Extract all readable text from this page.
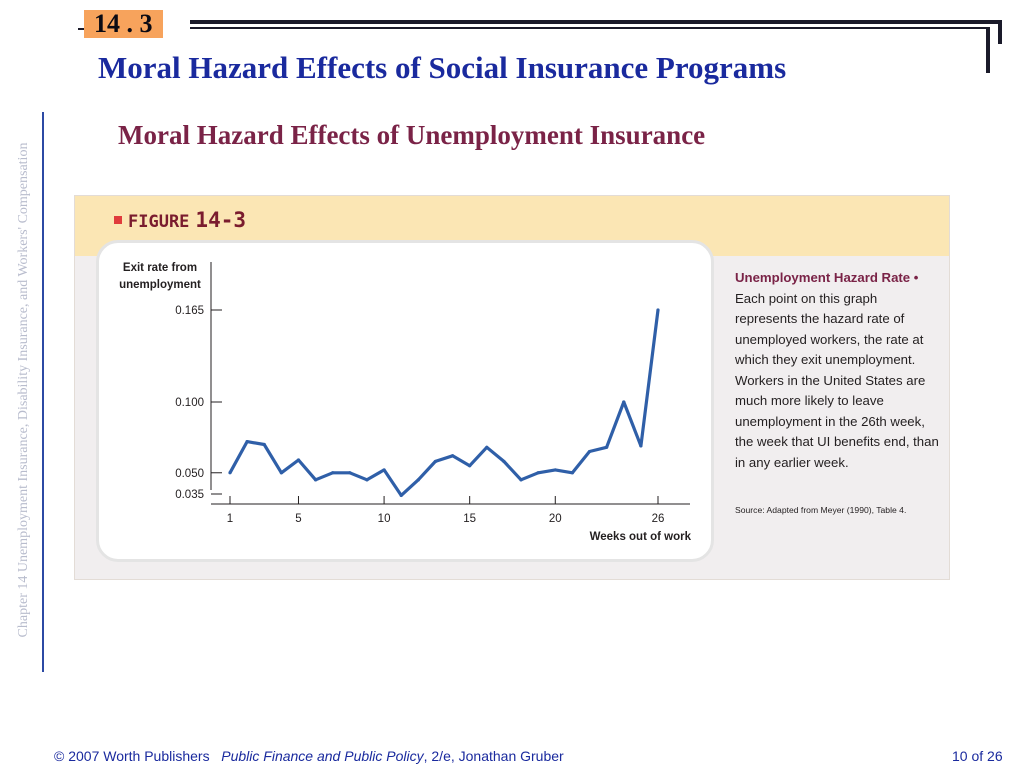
14 . 3
Moral Hazard Effects of Social Insurance Programs
Moral Hazard Effects of Unemployment Insurance
Chapter 14 Unemployment Insurance, Disability Insurance, and Workers' Compensation	FIGURE 14-3
Exit rate from
unemployment
0.035
0.050
0.100
0.165
1	5	10	15	20	26
Weeks out of work
Unemployment Hazard Rate • Each point on this graph represents the hazard rate of unemployed workers, the rate at which they exit unemployment. Workers in the United States are much more likely to leave unemployment in the 26th week, the week that UI benefits end, than in any earlier week.
Source: Adapted from Meyer (1990), Table 4.
© 2007 Worth Publishers Public Finance and Public Policy, 2/e, Jonathan Gruber	10 of 26
